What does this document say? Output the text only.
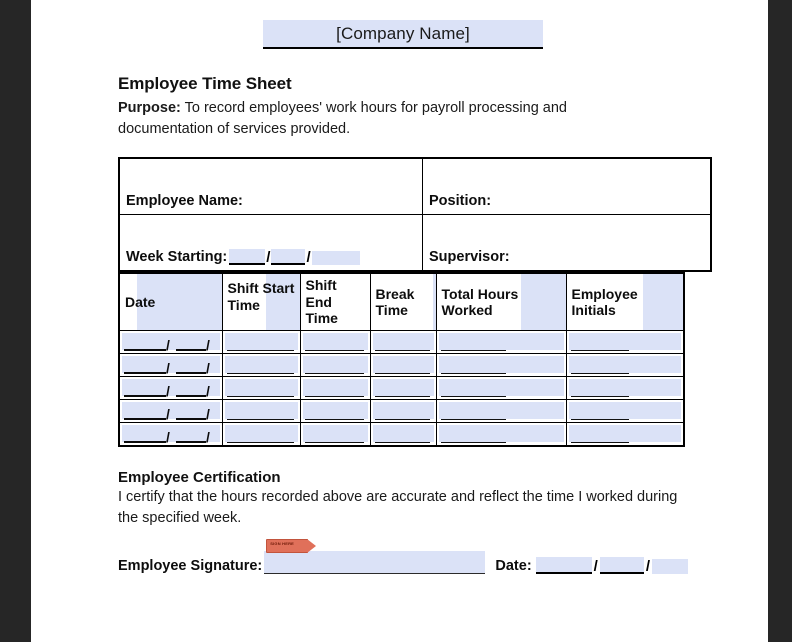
[Company Name]
Employee Time Sheet

Purpose: To record employees' work hours for payroll processing and documentation of services provided.

Employee Name:	Position:

Week Starting: / /	Supervisor:
Date	Shift Start Time	Shift End Time	Break Time	Total Hours Worked	Employee Initials

/ /					

/ /					

/ /					

/ /					

/ /					

Employee Certification

I certify that the hours recorded above are accurate and reflect the time I worked during the specified week.

Employee Signature:
SIGN HERE
Date:	/	/
